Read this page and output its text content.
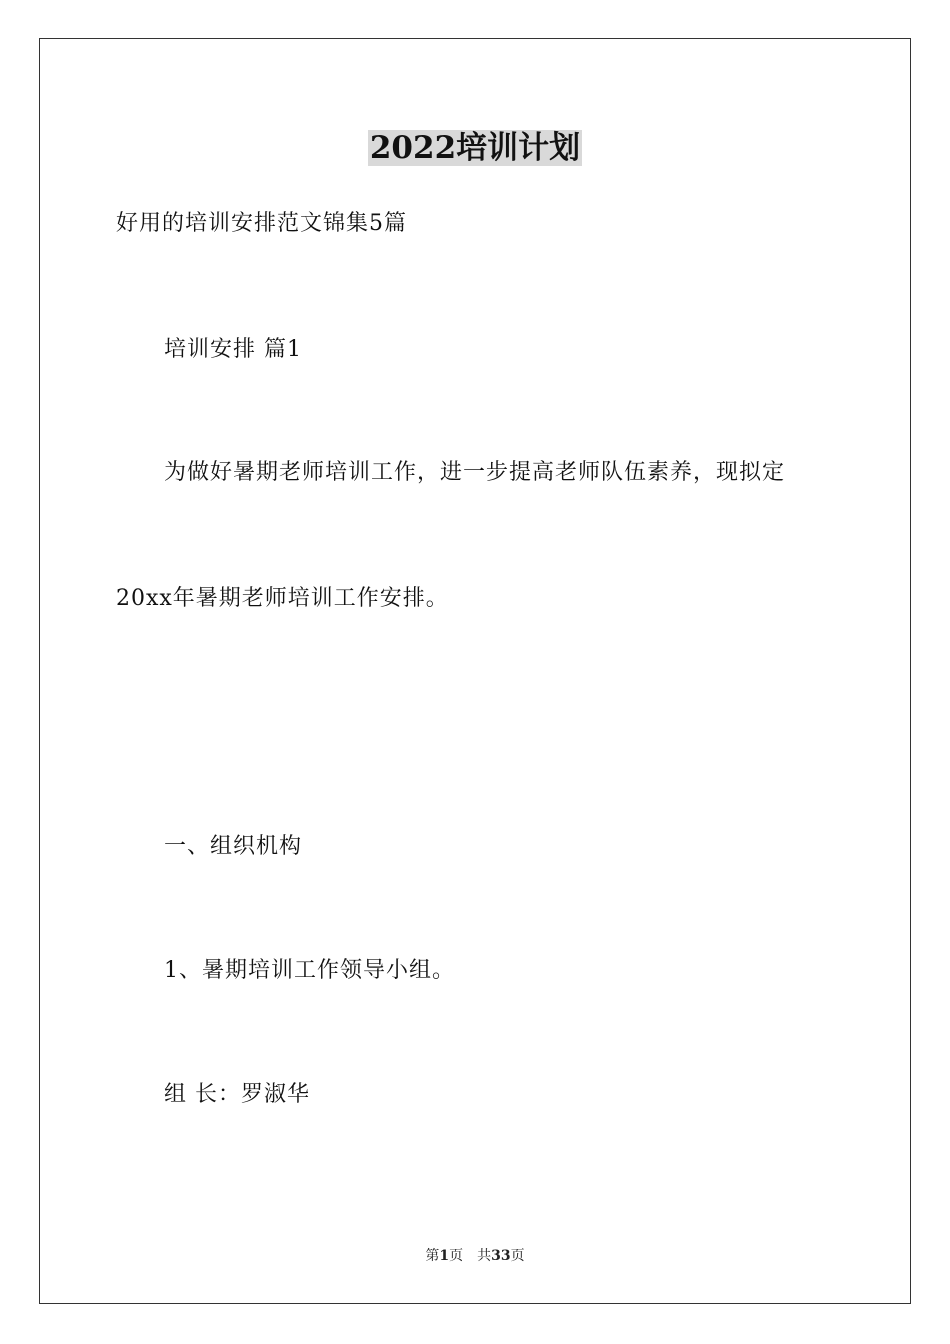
2022培训计划
好用的培训安排范文锦集5篇
培训安排 篇1
为做好暑期老师培训工作，进一步提高老师队伍素养，现拟定
20xx年暑期老师培训工作安排。
一、组织机构
1、暑期培训工作领导小组。
组 长：罗淑华
第1页 共33页
